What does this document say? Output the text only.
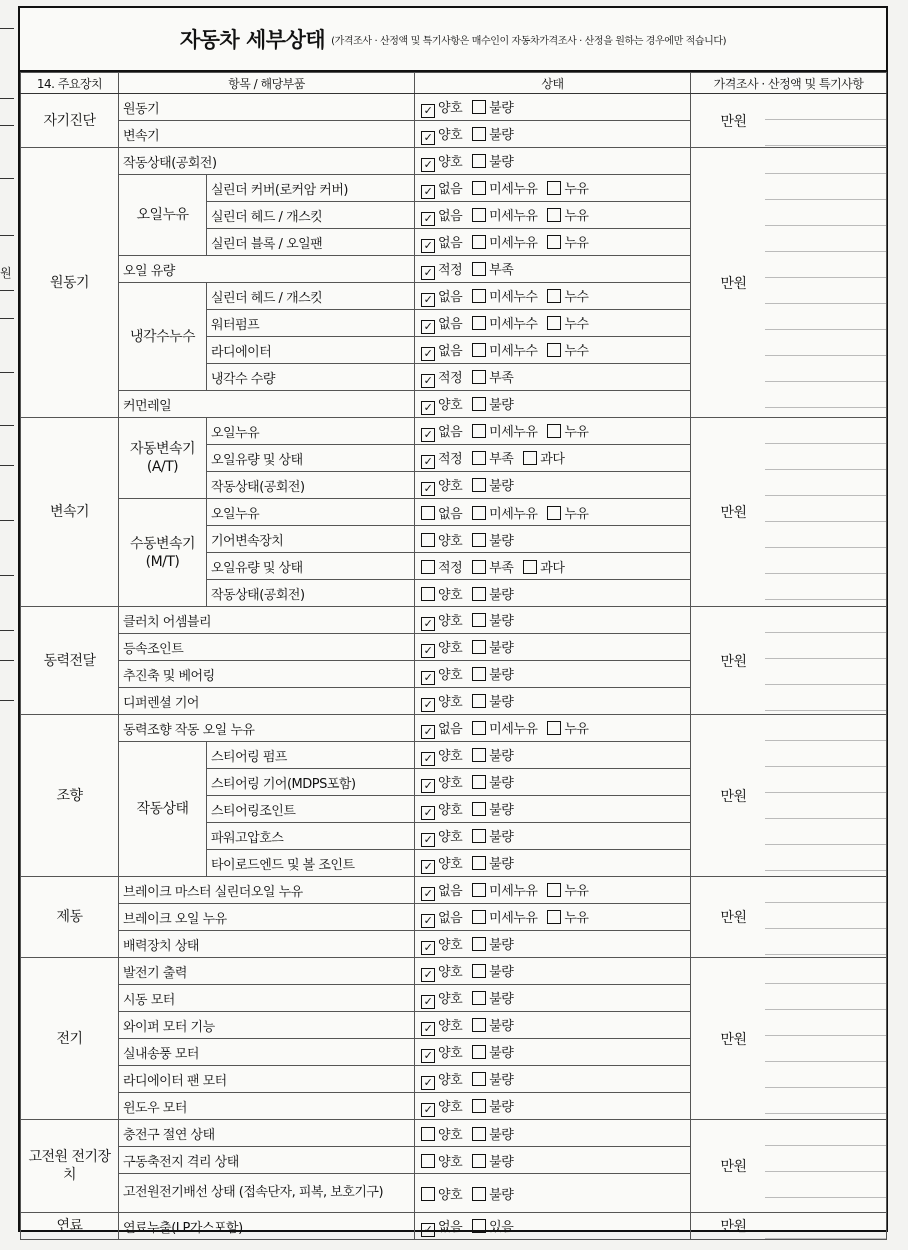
원
자동차 세부상태 (가격조사 · 산정액 및 특기사항은 매수인이 자동차가격조사 · 산정을 원하는 경우에만 적습니다)
14. 주요장치	항목 / 해당부품		상태	가격조사 · 산정액 및 특기사항	
자기진단	원동기		✓ 양호 불량	만원	

	변속기		✓ 양호 불량		
원동기	작동상태(공회전)		✓ 양호 불량	만원	

	오일누유	실린더 커버(로커암 커버)	✓ 없음 미세누유 누유		
		실린더 헤드 / 개스킷	✓ 없음 미세누유 누유		
		실린더 블록 / 오일팬	✓ 없음 미세누유 누유		
	오일 유량		✓ 적정 부족		
	냉각수누수	실린더 헤드 / 개스킷	✓ 없음 미세누수 누수		
		워터펌프	✓ 없음 미세누수 누수		
		라디에이터	✓ 없음 미세누수 누수		
		냉각수 수량	✓ 적정 부족		
	커먼레일		✓ 양호 불량		
변속기	자동변속기 (A/T)	오일누유	✓ 없음 미세누유 누유	만원	

		오일유량 및 상태	✓ 적정 부족 과다		
		작동상태(공회전)	✓ 양호 불량		
	수동변속기 (M/T)	오일누유	없음 미세누유 누유		
		기어변속장치	양호 불량		
		오일유량 및 상태	적정 부족 과다		
		작동상태(공회전)	양호 불량		
동력전달	클러치 어셈블리		✓ 양호 불량	만원	

	등속조인트		✓ 양호 불량		
	추진축 및 베어링		✓ 양호 불량		
	디퍼렌셜 기어		✓ 양호 불량		
조향	동력조향 작동 오일 누유		✓ 없음 미세누유 누유	만원	

	작동상태	스티어링 펌프	✓ 양호 불량		
		스티어링 기어(MDPS포함)	✓ 양호 불량		
		스티어링조인트	✓ 양호 불량		
		파워고압호스	✓ 양호 불량		
		타이로드엔드 및 볼 조인트	✓ 양호 불량		
제동	브레이크 마스터 실린더오일 누유		✓ 없음 미세누유 누유	만원	

	브레이크 오일 누유		✓ 없음 미세누유 누유		
	배력장치 상태		✓ 양호 불량		
전기	발전기 출력		✓ 양호 불량	만원	

	시동 모터		✓ 양호 불량		
	와이퍼 모터 기능		✓ 양호 불량		
	실내송풍 모터		✓ 양호 불량		
	라디에이터 팬 모터		✓ 양호 불량		
	윈도우 모터		✓ 양호 불량		
고전원 전기장치	충전구 절연 상태		양호 불량	만원	

	구동축전지 격리 상태		양호 불량		
	고전원전기배선 상태 (접속단자, 피복, 보호기구)		양호 불량		
연료	연료누출(LP가스포함)		✓ 없음 있음	만원	
